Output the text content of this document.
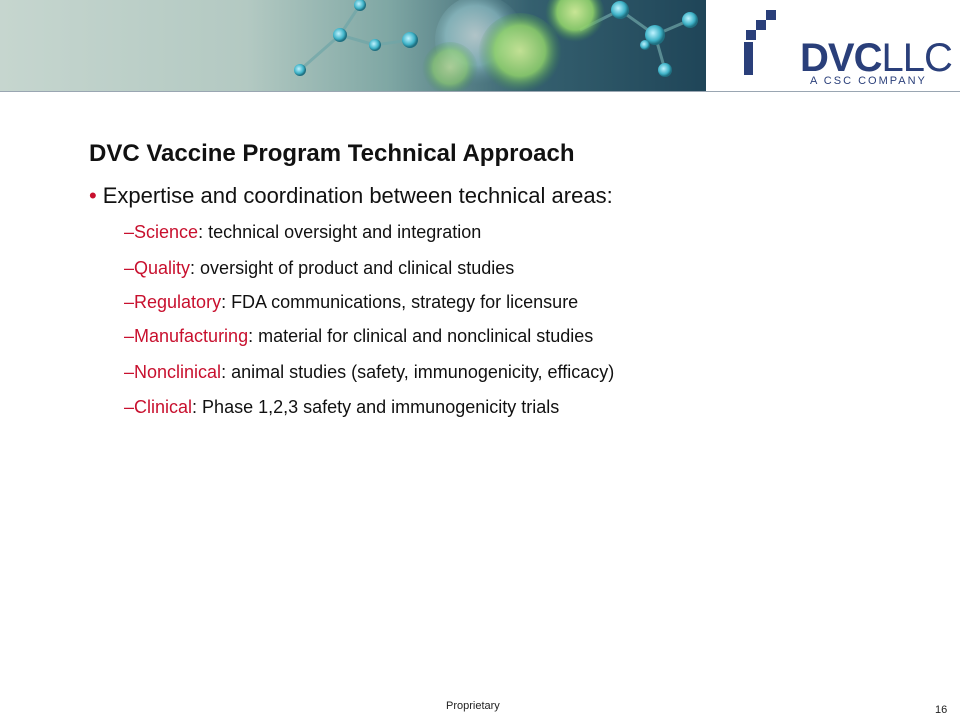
DVCLLC
A CSC COMPANY
DVC Vaccine Program Technical Approach
• Expertise and coordination between technical areas:
–Science: technical oversight and integration
–Quality: oversight of product and clinical studies
–Regulatory: FDA communications, strategy for licensure
–Manufacturing: material for clinical and nonclinical studies
–Nonclinical: animal studies (safety, immunogenicity, efficacy)
–Clinical: Phase 1,2,3 safety and immunogenicity trials
Proprietary	16
